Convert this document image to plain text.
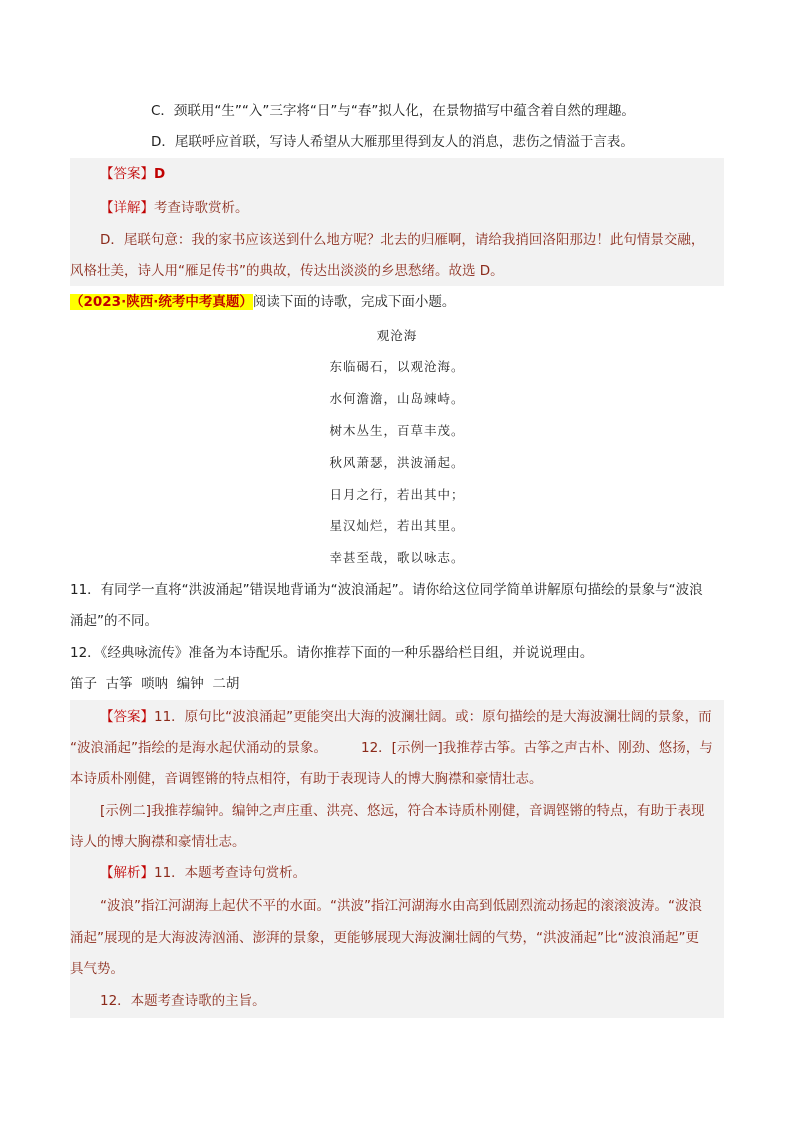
C．颈联用“生”“入”三字将“日”与“春”拟人化，在景物描写中蕴含着自然的理趣。
D．尾联呼应首联，写诗人希望从大雁那里得到友人的消息，悲伤之情溢于言表。
【答案】D
【详解】考查诗歌赏析。
D．尾联句意：我的家书应该送到什么地方呢？北去的归雁啊，请给我捎回洛阳那边！此句情景交融，
风格壮美，诗人用“雁足传书”的典故，传达出淡淡的乡思愁绪。故选 D。
（2023·陕西·统考中考真题）阅读下面的诗歌，完成下面小题。
观沧海
东临碣石，以观沧海。
水何澹澹，山岛竦峙。
树木丛生，百草丰茂。
秋风萧瑟，洪波涌起。
日月之行，若出其中；
星汉灿烂，若出其里。
幸甚至哉，歌以咏志。
11．有同学一直将“洪波涌起”错误地背诵为“波浪涌起”。请你给这位同学简单讲解原句描绘的景象与“波浪
涌起”的不同。
12．《经典咏流传》准备为本诗配乐。请你推荐下面的一种乐器给栏目组，并说说理由。
笛子  古筝  唢呐  编钟  二胡
【答案】11．原句比“波浪涌起”更能突出大海的波澜壮阔。或：原句描绘的是大海波澜壮阔的景象，而
“波浪涌起”指绘的是海水起伏涌动的景象。	12．[示例一]我推荐古筝。古筝之声古朴、刚劲、悠扬，与
本诗质朴刚健，音调铿锵的特点相符，有助于表现诗人的博大胸襟和豪情壮志。
[示例二]我推荐编钟。编钟之声庄重、洪亮、悠远，符合本诗质朴刚健，音调铿锵的特点，有助于表现
诗人的博大胸襟和豪情壮志。
【解析】11．本题考查诗句赏析。
“波浪”指江河湖海上起伏不平的水面。“洪波”指江河湖海水由高到低剧烈流动扬起的滚滚波涛。“波浪
涌起”展现的是大海波涛汹涌、澎湃的景象，更能够展现大海波澜壮阔的气势，“洪波涌起”比“波浪涌起”更
具气势。
12．本题考查诗歌的主旨。
